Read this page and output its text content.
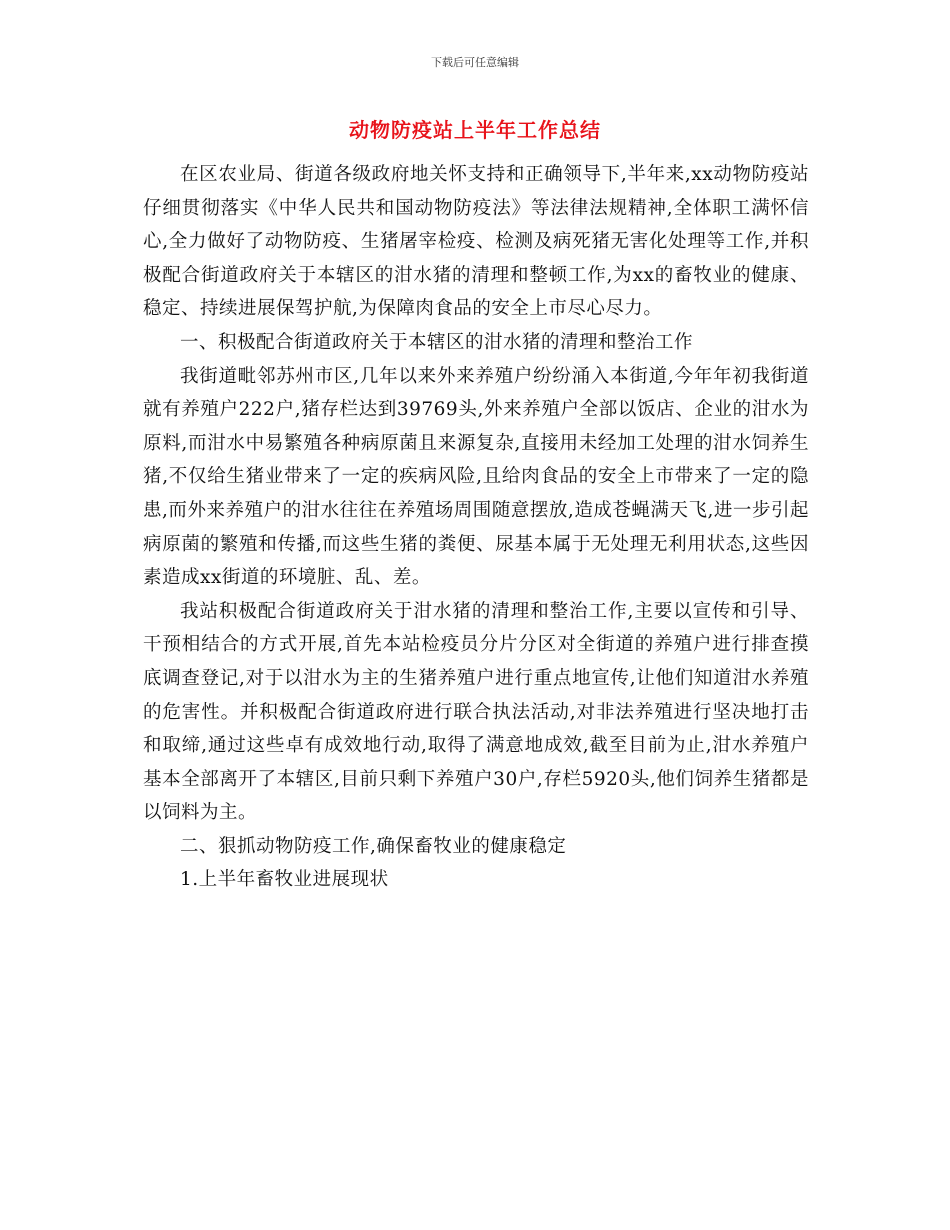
下载后可任意编辑
动物防疫站上半年工作总结

在区农业局、街道各级政府地关怀支持和正确领导下,半年来,xx动物防疫站仔细贯彻落实《中华人民共和国动物防疫法》等法律法规精神,全体职工满怀信心,全力做好了动物防疫、生猪屠宰检疫、检测及病死猪无害化处理等工作,并积极配合街道政府关于本辖区的泔水猪的清理和整顿工作,为xx的畜牧业的健康、稳定、持续进展保驾护航,为保障肉食品的安全上市尽心尽力。

一、积极配合街道政府关于本辖区的泔水猪的清理和整治工作

我街道毗邻苏州市区,几年以来外来养殖户纷纷涌入本街道,今年年初我街道就有养殖户222户,猪存栏达到39769头,外来养殖户全部以饭店、企业的泔水为原料,而泔水中易繁殖各种病原菌且来源复杂,直接用未经加工处理的泔水饲养生猪,不仅给生猪业带来了一定的疾病风险,且给肉食品的安全上市带来了一定的隐患,而外来养殖户的泔水往往在养殖场周围随意摆放,造成苍蝇满天飞,进一步引起病原菌的繁殖和传播,而这些生猪的粪便、尿基本属于无处理无利用状态,这些因素造成xx街道的环境脏、乱、差。

我站积极配合街道政府关于泔水猪的清理和整治工作,主要以宣传和引导、干预相结合的方式开展,首先本站检疫员分片分区对全街道的养殖户进行排查摸底调查登记,对于以泔水为主的生猪养殖户进行重点地宣传,让他们知道泔水养殖的危害性。并积极配合街道政府进行联合执法活动,对非法养殖进行坚决地打击和取缔,通过这些卓有成效地行动,取得了满意地成效,截至目前为止,泔水养殖户基本全部离开了本辖区,目前只剩下养殖户30户,存栏5920头,他们饲养生猪都是以饲料为主。

二、狠抓动物防疫工作,确保畜牧业的健康稳定

1.上半年畜牧业进展现状
